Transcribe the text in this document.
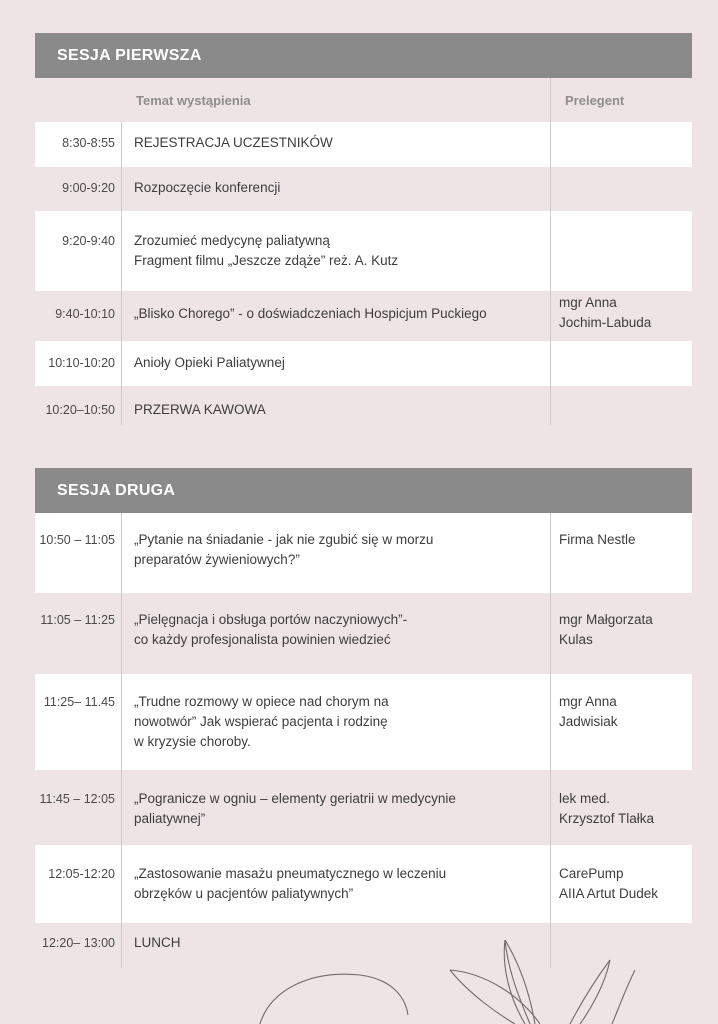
SESJA PIERWSZA
Temat wystąpienia	Prelegent
8:30-8:55 REJESTRACJA UCZESTNIKÓW
9:00-9:20 Rozpoczęcie konferencji
9:20-9:40 Zrozumieć medycynę paliatywną
Fragment filmu „Jeszcze zdąże” reż. A. Kutz
9:40-10:10 „Blisko Chorego” - o doświadczeniach Hospicjum Puckiego
mgr Anna
Jochim-Labuda
10:10-10:20 Anioły Opieki Paliatywnej
10:20–10:50 PRZERWA KAWOWA
SESJA DRUGA
10:50 – 11:05 „Pytanie na śniadanie - jak nie zgubić się w morzu
preparatów żywieniowych?”
Firma Nestle
11:05 – 11:25 „Pielęgnacja i obsługa portów naczyniowych”-
co każdy profesjonalista powinien wiedzieć
mgr Małgorzata
Kulas
11:25– 11.45 „Trudne rozmowy w opiece nad chorym na
nowotwór” Jak wspierać pacjenta i rodzinę
w kryzysie choroby.
mgr Anna
Jadwisiak
11:45 – 12:05 „Pogranicze w ogniu – elementy geriatrii w medycynie
paliatywnej”
lek med.
Krzysztof Tlałka
12:05-12:20 „Zastosowanie masażu pneumatycznego w leczeniu
obrzęków u pacjentów paliatywnych”
CarePump
AIIA Artut Dudek
12:20– 13:00 LUNCH
